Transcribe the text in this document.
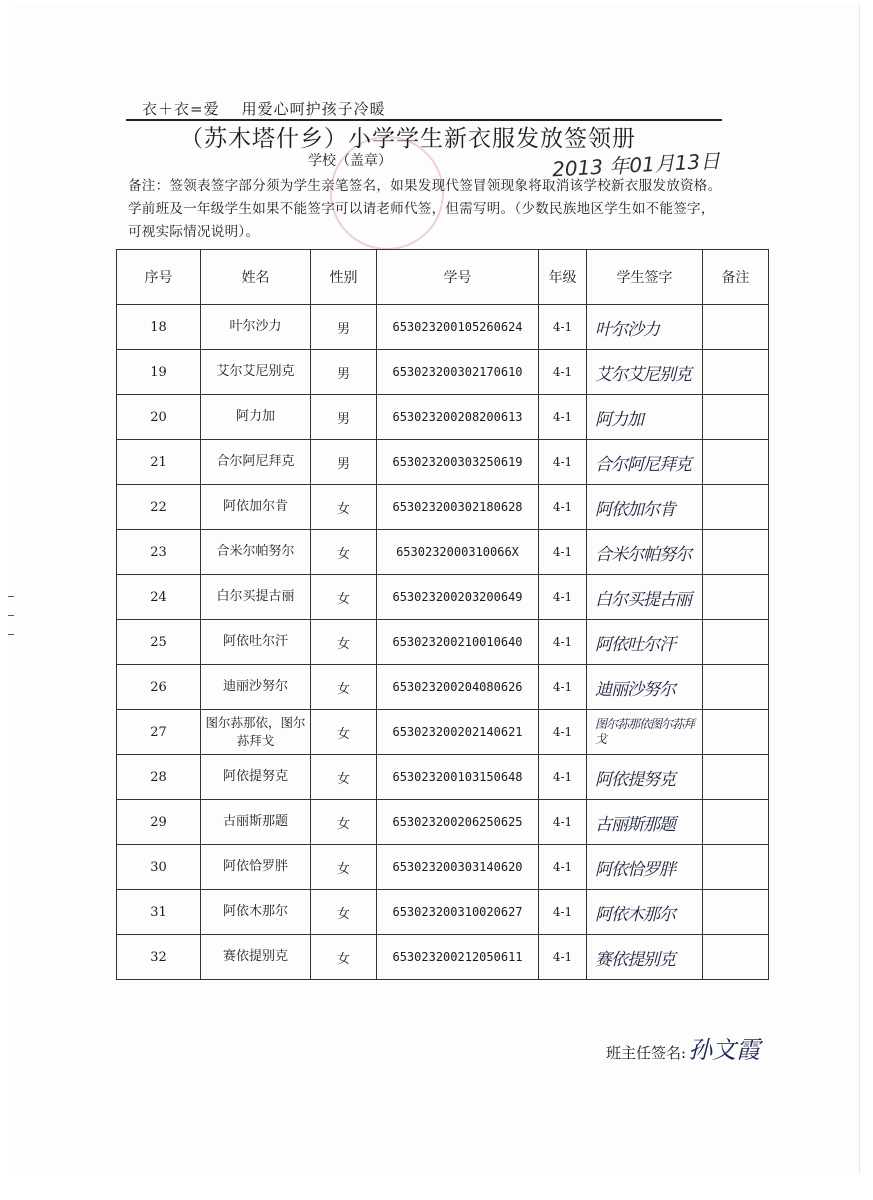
衣＋衣=爱 用爱心呵护孩子冷暖
（苏木塔什乡）小学学生新衣服发放签领册
学校（盖章）	2013 年01月13日
备注：签领表签字部分须为学生亲笔签名，如果发现代签冒领现象将取消该学校新衣服发放资格。学前班及一年级学生如果不能签字可以请老师代签，但需写明。（少数民族地区学生如不能签字，可视实际情况说明）。
序号	姓名	性别	学号	年级	学生签字	备注
18	叶尔沙力	男	653023200105260624	4-1	叶尔沙力	
19	艾尔艾尼别克	男	653023200302170610	4-1	艾尔艾尼别克	
20	阿力加	男	653023200208200613	4-1	阿力加	
21	合尔阿尼拜克	男	653023200303250619	4-1	合尔阿尼拜克	
22	阿依加尔肯	女	653023200302180628	4-1	阿依加尔肯	
23	合米尔帕努尔	女	6530232000310066X	4-1	合米尔帕努尔	
24	白尔买提古丽	女	653023200203200649	4-1	白尔买提古丽	
25	阿依吐尔汗	女	653023200210010640	4-1	阿依吐尔汗	
26	迪丽沙努尔	女	653023200204080626	4-1	迪丽沙努尔	
27	图尔荪那依，图尔荪拜戈	女	653023200202140621	4-1	图尔荪那依图尔荪拜戈	
28	阿依提努克	女	653023200103150648	4-1	阿依提努克	
29	古丽斯那题	女	653023200206250625	4-1	古丽斯那题	
30	阿依恰罗胖	女	653023200303140620	4-1	阿依恰罗胖	
31	阿依木那尔	女	653023200310020627	4-1	阿依木那尔	
32	赛依提别克	女	653023200212050611	4-1	赛依提别克	
班主任签名:孙文霞
